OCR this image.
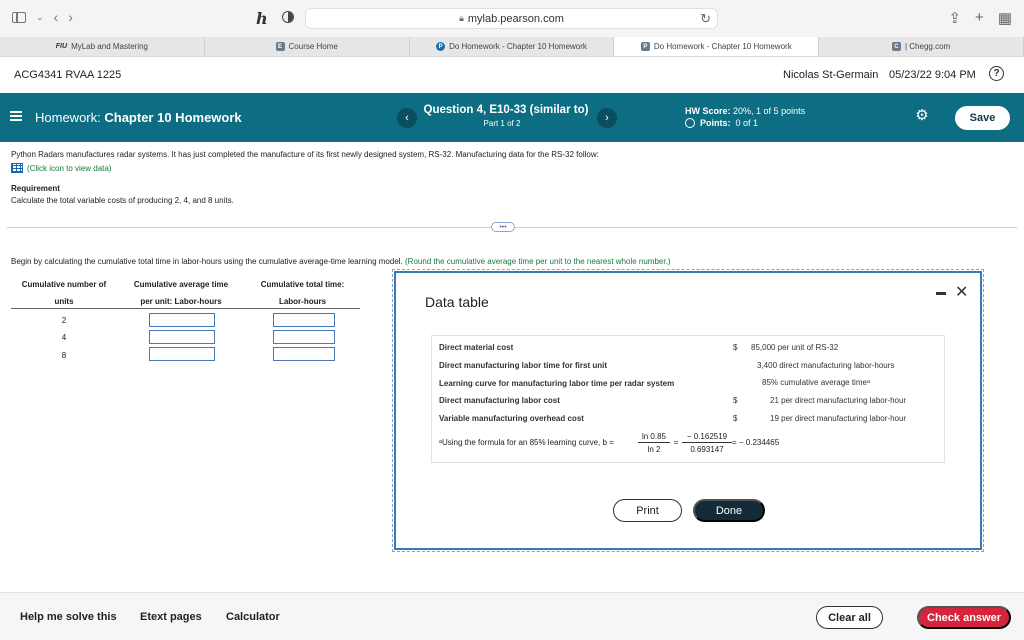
⌄ ‹ ›	h	🔒︎ mylab.pearson.com	↻	⇪ + ▦
FIU MyLab and Mastering	E Course Home	P Do Homework - Chapter 10 Homework	P Do Homework - Chapter 10 Homework	C | Chegg.com
ACG4341 RVAA 1225	Nicolas St-Germain 05/23/22 9:04 PM	?
Homework: Chapter 10 Homework	‹
Question 4, E10-33 (similar to)
Part 1 of 2	›
HW Score: 20%, 1 of 5 points
Points: 0 of 1	⚙	Save
Python Radars manufactures radar systems. It has just completed the manufacture of its first newly designed system, RS-32. Manufacturing data for the RS-32 follow:
(Click icon to view data)
Requirement
Calculate the total variable costs of producing 2, 4, and 8 units.
•••
Begin by calculating the cumulative total time in labor-hours using the cumulative average-time learning model. (Round the cumulative average time per unit to the nearest whole number.)
Cumulative number of
units
Cumulative average time
per unit: Labor-hours
Cumulative total time:
Labor-hours
2
4
8
Data table
✕
Direct material cost	$ 85,000 per unit of RS-32
Direct manufacturing labor time for first unit	3,400 direct manufacturing labor-hours
Learning curve for manufacturing labor time per radar system	85% cumulative average timeᵃ
Direct manufacturing labor cost	$	21 per direct manufacturing labor-hour
Variable manufacturing overhead cost	$	19 per direct manufacturing labor-hour
ᵃUsing the formula for an 85% learning curve, b =
ln 0.85
ln 2
=
− 0.162519
0.693147
= − 0.234465
Print	Done
Help me solve this Etext pages Calculator	Clear all	Check answer
